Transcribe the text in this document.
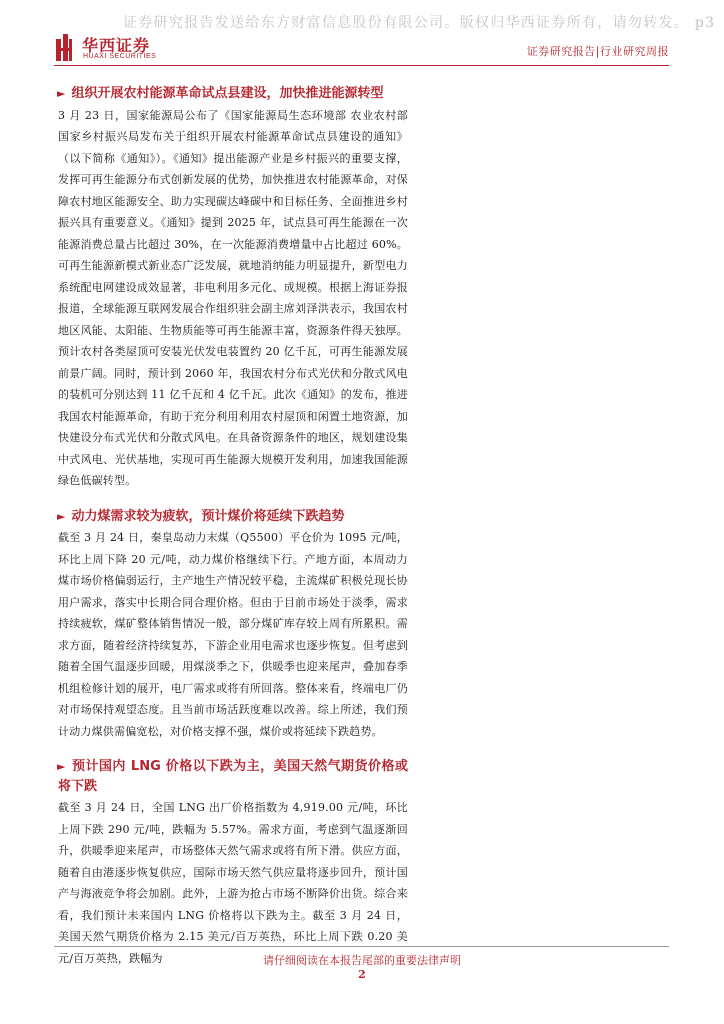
证券研究报告发送给东方财富信息股份有限公司。版权归华西证券所有，请勿转发。 p3
华西证券
HUAXI SECURITIES	证券研究报告|行业研究周报
► 组织开展农村能源革命试点县建设，加快推进能源转型

3 月 23 日，国家能源局公布了《国家能源局生态环境部 农业农村部 国家乡村振兴局发布关于组织开展农村能源革命试点县建设的通知》（以下简称《通知》）。《通知》提出能源产业是乡村振兴的重要支撑，发挥可再生能源分布式创新发展的优势，加快推进农村能源革命，对保障农村地区能源安全、助力实现碳达峰碳中和目标任务、全面推进乡村振兴具有重要意义。《通知》提到 2025 年，试点县可再生能源在一次能源消费总量占比超过 30%，在一次能源消费增量中占比超过 60%。可再生能源新模式新业态广泛发展，就地消纳能力明显提升，新型电力系统配电网建设成效显著，非电利用多元化、成规模。根据上海证券报报道，全球能源互联网发展合作组织驻会副主席刘泽洪表示，我国农村地区风能、太阳能、生物质能等可再生能源丰富，资源条件得天独厚。预计农村各类屋顶可安装光伏发电装置约 20 亿千瓦，可再生能源发展前景广阔。同时，预计到 2060 年，我国农村分布式光伏和分散式风电的装机可分别达到 11 亿千瓦和 4 亿千瓦。此次《通知》的发布，推进我国农村能源革命，有助于充分利用利用农村屋顶和闲置土地资源，加快建设分布式光伏和分散式风电。在具备资源条件的地区，规划建设集中式风电、光伏基地，实现可再生能源大规模开发利用，加速我国能源绿色低碳转型。

► 动力煤需求较为疲软，预计煤价将延续下跌趋势

截至 3 月 24 日，秦皇岛动力末煤（Q5500）平仓价为 1095 元/吨，环比上周下降 20 元/吨，动力煤价格继续下行。产地方面，本周动力煤市场价格偏弱运行，主产地生产情况较平稳，主流煤矿积极兑现长协用户需求，落实中长期合同合理价格。但由于目前市场处于淡季，需求持续疲软，煤矿整体销售情况一般，部分煤矿库存较上周有所累积。需求方面，随着经济持续复苏，下游企业用电需求也逐步恢复。但考虑到随着全国气温逐步回暖，用煤淡季之下，供暖季也迎来尾声，叠加春季机组检修计划的展开，电厂需求或将有所回落。整体来看，终端电厂仍对市场保持观望态度。且当前市场活跃度难以改善。综上所述，我们预计动力煤供需偏宽松，对价格支撑不强，煤价或将延续下跌趋势。

► 预计国内 LNG 价格以下跌为主，美国天然气期货价格或将下跌

截至 3 月 24 日，全国 LNG 出厂价格指数为 4,919.00 元/吨，环比上周下跌 290 元/吨，跌幅为 5.57%。需求方面，考虑到气温逐渐回升，供暖季迎来尾声，市场整体天然气需求或将有所下滑。供应方面，随着自由港逐步恢复供应，国际市场天然气供应量将逐步回升，预计国产与海液竞争将会加剧。此外，上游为抢占市场不断降价出货。综合来看，我们预计未来国内 LNG 价格将以下跌为主。截至 3 月 24 日，美国天然气期货价格为 2.15 美元/百万英热，环比上周下跌 0.20 美元/百万英热，跌幅为	请仔细阅读在本报告尾部的重要法律声明
2
